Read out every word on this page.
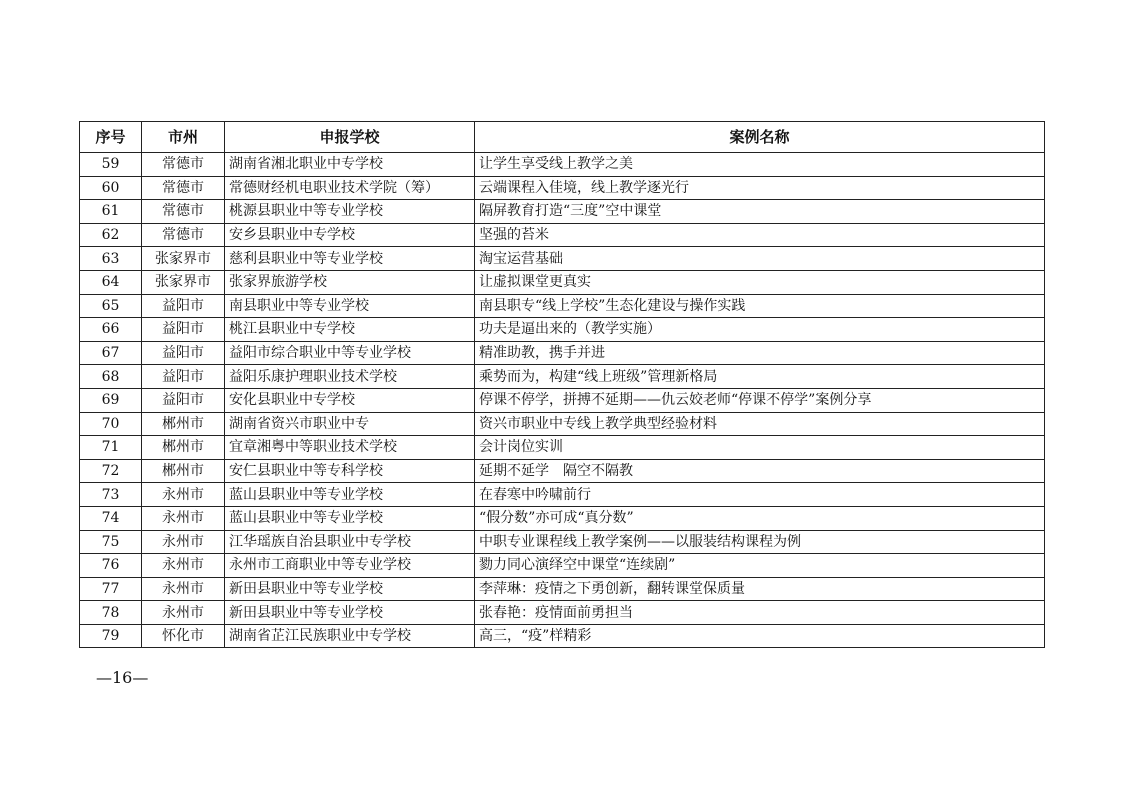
序号	市州	申报学校	案例名称
59	常德市	湖南省湘北职业中专学校	让学生享受线上教学之美
60	常德市	常德财经机电职业技术学院（筹）	云端课程入佳境，线上教学逐光行
61	常德市	桃源县职业中等专业学校	隔屏教育打造“三度”空中课堂
62	常德市	安乡县职业中专学校	坚强的苔米
63	张家界市	慈利县职业中等专业学校	淘宝运营基础
64	张家界市	张家界旅游学校	让虚拟课堂更真实
65	益阳市	南县职业中等专业学校	南县职专“线上学校”生态化建设与操作实践
66	益阳市	桃江县职业中专学校	功夫是逼出来的（教学实施）
67	益阳市	益阳市综合职业中等专业学校	精准助教，携手并进
68	益阳市	益阳乐康护理职业技术学校	乘势而为，构建“线上班级”管理新格局
69	益阳市	安化县职业中专学校	停课不停学，拼搏不延期——仇云姣老师“停课不停学”案例分享
70	郴州市	湖南省资兴市职业中专	资兴市职业中专线上教学典型经验材料
71	郴州市	宜章湘粤中等职业技术学校	会计岗位实训
72	郴州市	安仁县职业中等专科学校	延期不延学　隔空不隔教
73	永州市	蓝山县职业中等专业学校	在春寒中吟啸前行
74	永州市	蓝山县职业中等专业学校	“假分数”亦可成“真分数”
75	永州市	江华瑶族自治县职业中专学校	中职专业课程线上教学案例——以服装结构课程为例
76	永州市	永州市工商职业中等专业学校	勠力同心演绎空中课堂“连续剧”
77	永州市	新田县职业中等专业学校	李萍琳：疫情之下勇创新，翻转课堂保质量
78	永州市	新田县职业中等专业学校	张春艳：疫情面前勇担当
79	怀化市	湖南省芷江民族职业中专学校	高三，“疫”样精彩
—16—
